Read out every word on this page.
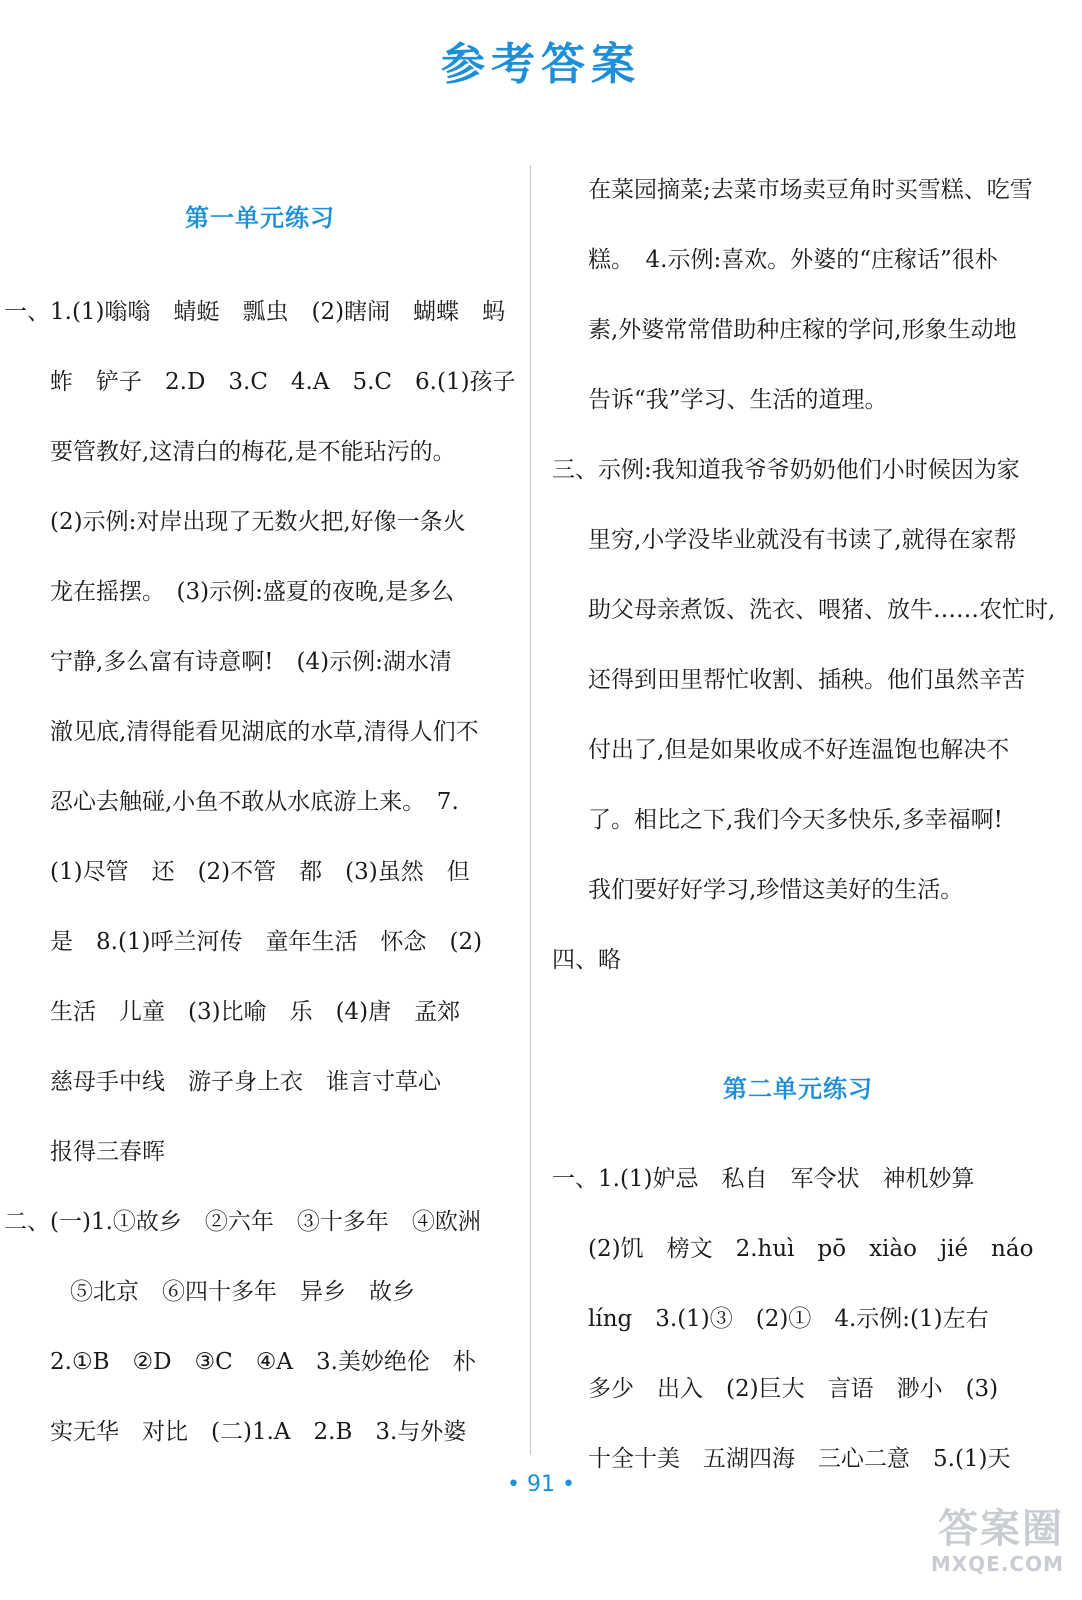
参考答案
第一单元练习
一、1.(1)嗡嗡　蜻蜓　瓢虫　(2)瞎闹　蝴蝶　蚂
蚱　铲子　2.D　3.C　4.A　5.C　6.(1)孩子
要管教好,这清白的梅花,是不能玷污的。
(2)示例:对岸出现了无数火把,好像一条火
龙在摇摆。　(3)示例:盛夏的夜晚,是多么
宁静,多么富有诗意啊!　(4)示例:湖水清
澈见底,清得能看见湖底的水草,清得人们不
忍心去触碰,小鱼不敢从水底游上来。　7.
(1)尽管　还　(2)不管　都　(3)虽然　但
是　8.(1)呼兰河传　童年生活　怀念　(2)
生活　儿童　(3)比喻　乐　(4)唐　孟郊
慈母手中线　游子身上衣　谁言寸草心
报得三春晖
二、(一)1.①故乡　②六年　③十多年　④欧洲
⑤北京　⑥四十多年　异乡　故乡
2.①B　②D　③C　④A　3.美妙绝伦　朴
实无华　对比　(二)1.A　2.B　3.与外婆
在菜园摘菜;去菜市场卖豆角时买雪糕、吃雪
糕。　4.示例:喜欢。外婆的“庄稼话”很朴
素,外婆常常借助种庄稼的学问,形象生动地
告诉“我”学习、生活的道理。
三、示例:我知道我爷爷奶奶他们小时候因为家
里穷,小学没毕业就没有书读了,就得在家帮
助父母亲煮饭、洗衣、喂猪、放牛……农忙时,
还得到田里帮忙收割、插秧。他们虽然辛苦
付出了,但是如果收成不好连温饱也解决不
了。相比之下,我们今天多快乐,多幸福啊!
我们要好好学习,珍惜这美好的生活。
四、略
第二单元练习
一、1.(1)妒忌　私自　军令状　神机妙算
(2)饥　榜文　2.huì　pō　xiào　jié　náo
líng　3.(1)③　(2)①　4.示例:(1)左右
多少　出入　(2)巨大　言语　渺小　(3)
十全十美　五湖四海　三心二意　5.(1)天
• 91 •
答案圈
MXQE.COM
